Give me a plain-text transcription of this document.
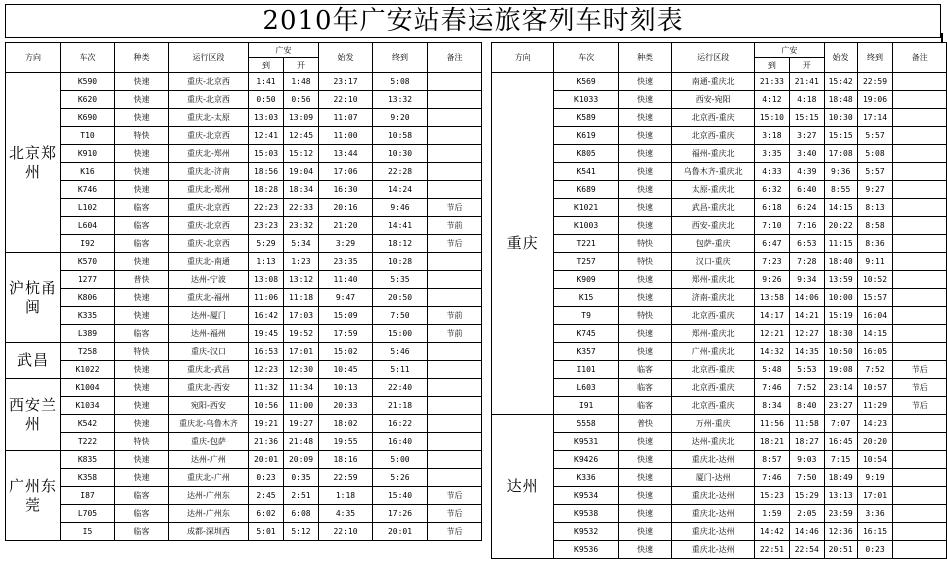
2010年广安站春运旅客列车时刻表
方向	车次	种类	运行区段	广安		始发	终到	备注
				到	开			
北京郑州	K590	快速	重庆-北京西	1:41	1:48	23:17	5:08	
	K620	快速	重庆-北京西	0:50	0:56	22:10	13:32	
	K690	快速	重庆北-太原	13:03	13:09	11:07	9:20	
	T10	特快	重庆-北京西	12:41	12:45	11:00	10:58	
	K910	快速	重庆北-郑州	15:03	15:12	13:44	10:30	
	K16	快速	重庆北-济南	18:56	19:04	17:06	22:28	
	K746	快速	重庆北-郑州	18:28	18:34	16:30	14:24	
	L102	临客	重庆-北京西	22:23	22:33	20:16	9:46	节后
	L604	临客	重庆-北京西	23:23	23:32	21:20	14:41	节前
	I92	临客	重庆-北京西	5:29	5:34	3:29	18:12	节后
沪杭甬闽	K570	快速	重庆北-南通	1:13	1:23	23:35	10:28	
	1277	普快	达州-宁波	13:08	13:12	11:40	5:35	
	K806	快速	重庆北-福州	11:06	11:18	9:47	20:50	
	K335	快速	达州-厦门	16:42	17:03	15:09	7:50	节前
	L389	临客	达州-福州	19:45	19:52	17:59	15:00	节前
武昌	T258	特快	重庆-汉口	16:53	17:01	15:02	5:46	
	K1022	快速	重庆北-武昌	12:23	12:30	10:45	5:11	
西安兰州	K1004	快速	重庆北-西安	11:32	11:34	10:13	22:40	
	K1034	快速	宛阳-西安	10:56	11:00	20:33	21:18	
	K542	快速	重庆北-乌鲁木齐	19:21	19:27	18:02	16:22	
	T222	特快	重庆-包萨	21:36	21:48	19:55	16:40	
广州东莞	K835	快速	达州-广州	20:01	20:09	18:16	5:00	
	K358	快速	重庆北-广州	0:23	0:35	22:59	5:26	
	I87	临客	达州-广州东	2:45	2:51	1:18	15:40	节后
	L705	临客	达州-广州东	6:02	6:08	4:35	17:26	节后
	I5	临客	成都-深圳西	5:01	5:12	22:10	20:01	节后
方向	车次	种类	运行区段	广安		始发	终到	备注
				到	开			
重庆	K569	快速	南通-重庆北	21:33	21:41	15:42	22:59	
	K1033	快速	西安-宛阳	4:12	4:18	18:48	19:06	
	K589	快速	北京西-重庆	15:10	15:15	10:30	17:14	
	K619	快速	北京西-重庆	3:18	3:27	15:15	5:57	
	K805	快速	福州-重庆北	3:35	3:40	17:08	5:08	
	K541	快速	乌鲁木齐-重庆北	4:33	4:39	9:36	5:57	
	K689	快速	太原-重庆北	6:32	6:40	8:55	9:27	
	K1021	快速	武昌-重庆北	6:18	6:24	14:15	8:13	
	K1003	快速	西安-重庆北	7:10	7:16	20:22	8:58	
	T221	特快	包萨-重庆	6:47	6:53	11:15	8:36	
	T257	特快	汉口-重庆	7:23	7:28	18:40	9:11	
	K909	快速	郑州-重庆北	9:26	9:34	13:59	10:52	
	K15	快速	济南-重庆北	13:58	14:06	10:00	15:57	
	T9	特快	北京西-重庆	14:17	14:21	15:19	16:04	
	K745	快速	郑州-重庆北	12:21	12:27	18:30	14:15	
	K357	快速	广州-重庆北	14:32	14:35	10:50	16:05	
	I101	临客	北京西-重庆	5:48	5:53	19:08	7:52	节后
	L603	临客	北京西-重庆	7:46	7:52	23:14	10:57	节后
	I91	临客	北京西-重庆	8:34	8:40	23:27	11:29	节后
达州	5558	普快	万州-重庆	11:56	11:58	7:07	14:23	
	K9531	快速	达州-重庆北	18:21	18:27	16:45	20:20	
	K9426	快速	重庆北-达州	8:57	9:03	7:15	10:54	
	K336	快速	厦门-达州	7:46	7:50	18:49	9:19	
	K9534	快速	重庆北-达州	15:23	15:29	13:13	17:01	
	K9538	快速	重庆北-达州	1:59	2:05	23:59	3:36	
	K9532	快速	重庆北-达州	14:42	14:46	12:36	16:15	
	K9536	快速	重庆北-达州	22:51	22:54	20:51	0:23	
